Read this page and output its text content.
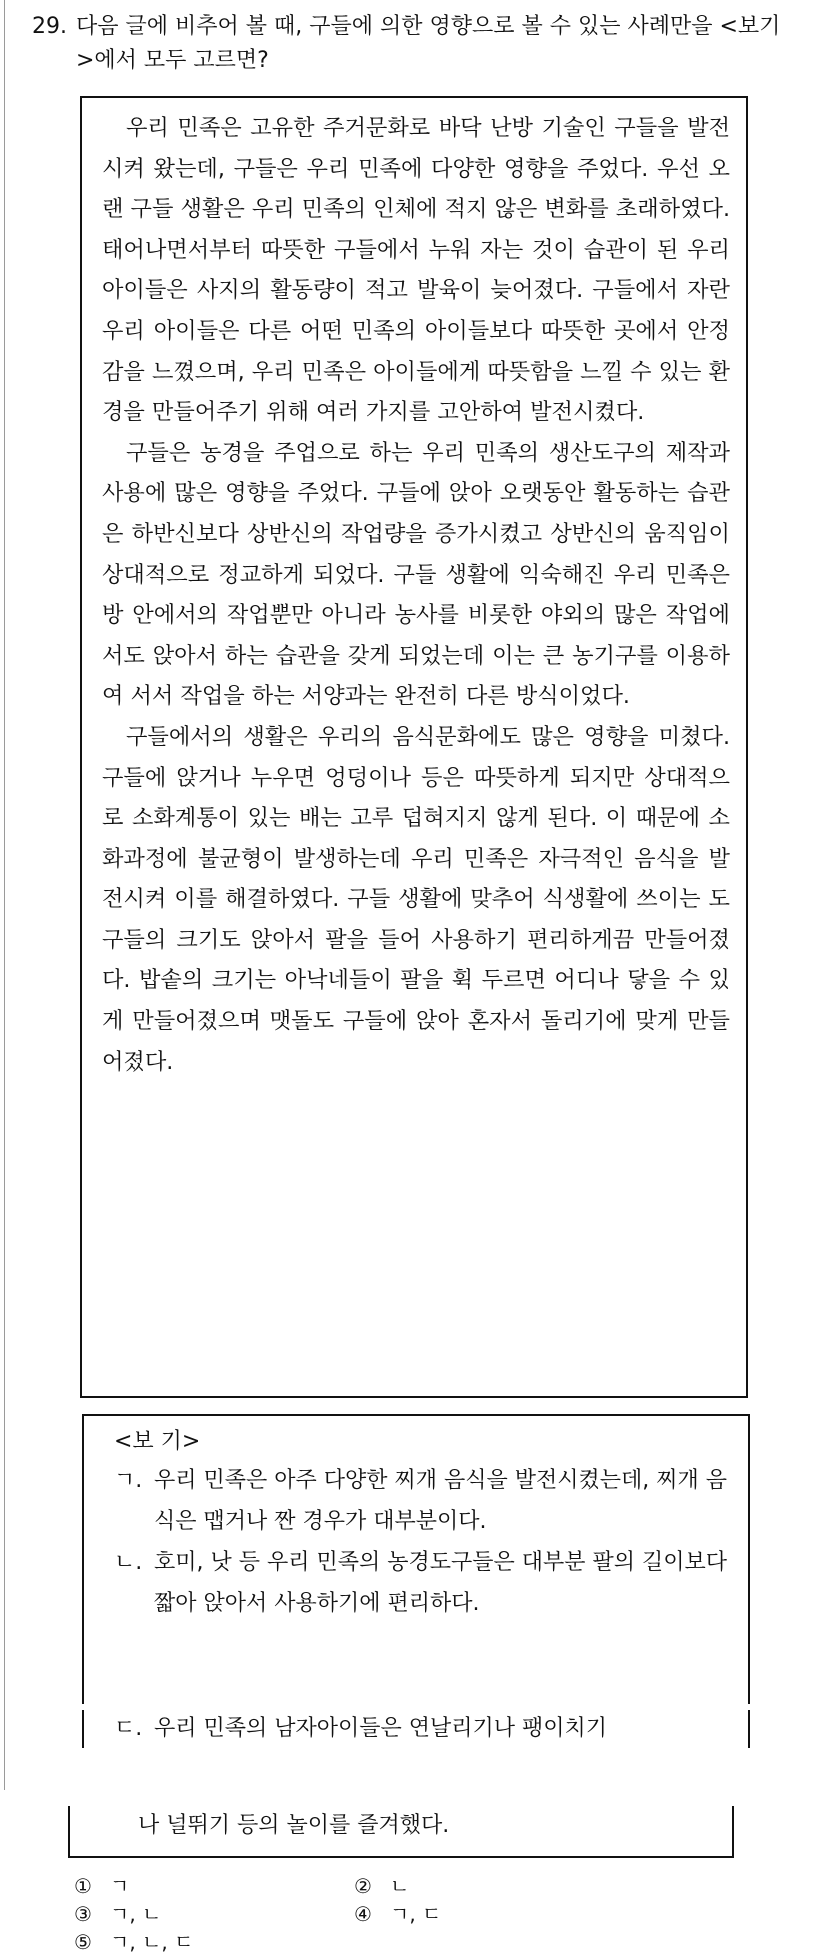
29. 다음 글에 비추어 볼 때, 구들에 의한 영향으로 볼 수 있는 사례만을 <보기>에서 모두 고르면?

우리 민족은 고유한 주거문화로 바닥 난방 기술인 구들을 발전시켜 왔는데, 구들은 우리 민족에 다양한 영향을 주었다. 우선 오랜 구들 생활은 우리 민족의 인체에 적지 않은 변화를 초래하였다. 태어나면서부터 따뜻한 구들에서 누워 자는 것이 습관이 된 우리 아이들은 사지의 활동량이 적고 발육이 늦어졌다. 구들에서 자란 우리 아이들은 다른 어떤 민족의 아이들보다 따뜻한 곳에서 안정감을 느꼈으며, 우리 민족은 아이들에게 따뜻함을 느낄 수 있는 환경을 만들어주기 위해 여러 가지를 고안하여 발전시켰다.

구들은 농경을 주업으로 하는 우리 민족의 생산도구의 제작과 사용에 많은 영향을 주었다. 구들에 앉아 오랫동안 활동하는 습관은 하반신보다 상반신의 작업량을 증가시켰고 상반신의 움직임이 상대적으로 정교하게 되었다. 구들 생활에 익숙해진 우리 민족은 방 안에서의 작업뿐만 아니라 농사를 비롯한 야외의 많은 작업에서도 앉아서 하는 습관을 갖게 되었는데 이는 큰 농기구를 이용하여 서서 작업을 하는 서양과는 완전히 다른 방식이었다.

구들에서의 생활은 우리의 음식문화에도 많은 영향을 미쳤다. 구들에 앉거나 누우면 엉덩이나 등은 따뜻하게 되지만 상대적으로 소화계통이 있는 배는 고루 덥혀지지 않게 된다. 이 때문에 소화과정에 불균형이 발생하는데 우리 민족은 자극적인 음식을 발전시켜 이를 해결하였다. 구들 생활에 맞추어 식생활에 쓰이는 도구들의 크기도 앉아서 팔을 들어 사용하기 편리하게끔 만들어졌다. 밥솥의 크기는 아낙네들이 팔을 휙 두르면 어디나 닿을 수 있게 만들어졌으며 맷돌도 구들에 앉아 혼자서 돌리기에 맞게 만들어졌다.

<보 기>
ㄱ. 우리 민족은 아주 다양한 찌개 음식을 발전시켰는데, 찌개 음식은 맵거나 짠 경우가 대부분이다.
ㄴ. 호미, 낫 등 우리 민족의 농경도구들은 대부분 팔의 길이보다 짧아 앉아서 사용하기에 편리하다.
ㄷ. 우리 민족의 남자아이들은 연날리기나 팽이치기
나 널뛰기 등의 놀이를 즐겨했다.
① ㄱ	② ㄴ
③ ㄱ, ㄴ	④ ㄱ, ㄷ
⑤ ㄱ, ㄴ, ㄷ
